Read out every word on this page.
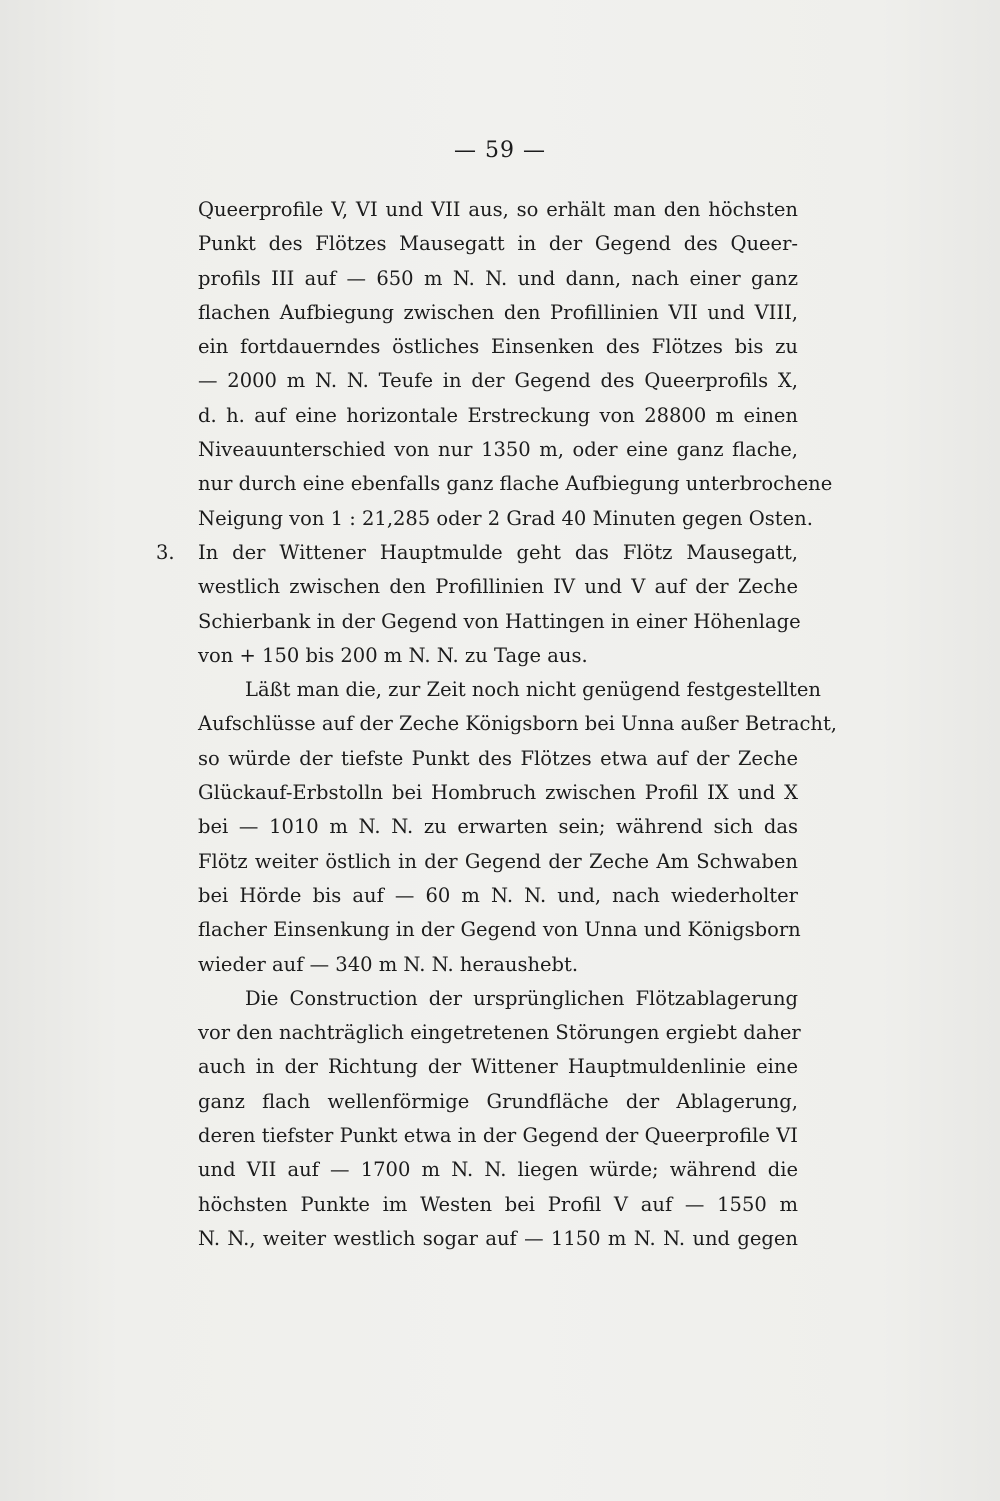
— 59 —
Queerprofile V, VI und VII aus, so erhält man den höchsten
Punkt des Flötzes Mausegatt in der Gegend des Queer-
profils III auf — 650 m N. N. und dann, nach einer ganz
flachen Aufbiegung zwischen den Profillinien VII und VIII,
ein fortdauerndes östliches Einsenken des Flötzes bis zu
— 2000 m N. N. Teufe in der Gegend des Queerprofils X,
d. h. auf eine horizontale Erstreckung von 28800 m einen
Niveauunterschied von nur 1350 m, oder eine ganz flache,
nur durch eine ebenfalls ganz flache Aufbiegung unterbrochene
Neigung von 1 : 21,285 oder 2 Grad 40 Minuten gegen Osten.
3.	In der Wittener Hauptmulde geht das Flötz Mausegatt,
westlich zwischen den Profillinien IV und V auf der Zeche
Schierbank in der Gegend von Hattingen in einer Höhenlage
von + 150 bis 200 m N. N. zu Tage aus.
Läßt man die, zur Zeit noch nicht genügend festgestellten
Aufschlüsse auf der Zeche Königsborn bei Unna außer Betracht,
so würde der tiefste Punkt des Flötzes etwa auf der Zeche
Glückauf-Erbstolln bei Hombruch zwischen Profil IX und X
bei — 1010 m N. N. zu erwarten sein; während sich das
Flötz weiter östlich in der Gegend der Zeche Am Schwaben
bei Hörde bis auf — 60 m N. N. und, nach wiederholter
flacher Einsenkung in der Gegend von Unna und Königsborn
wieder auf — 340 m N. N. heraushebt.
Die Construction der ursprünglichen Flötzablagerung
vor den nachträglich eingetretenen Störungen ergiebt daher
auch in der Richtung der Wittener Hauptmuldenlinie eine
ganz flach wellenförmige Grundfläche der Ablagerung,
deren tiefster Punkt etwa in der Gegend der Queerprofile VI
und VII auf — 1700 m N. N. liegen würde; während die
höchsten Punkte im Westen bei Profil V auf — 1550 m
N. N., weiter westlich sogar auf — 1150 m N. N. und gegen
